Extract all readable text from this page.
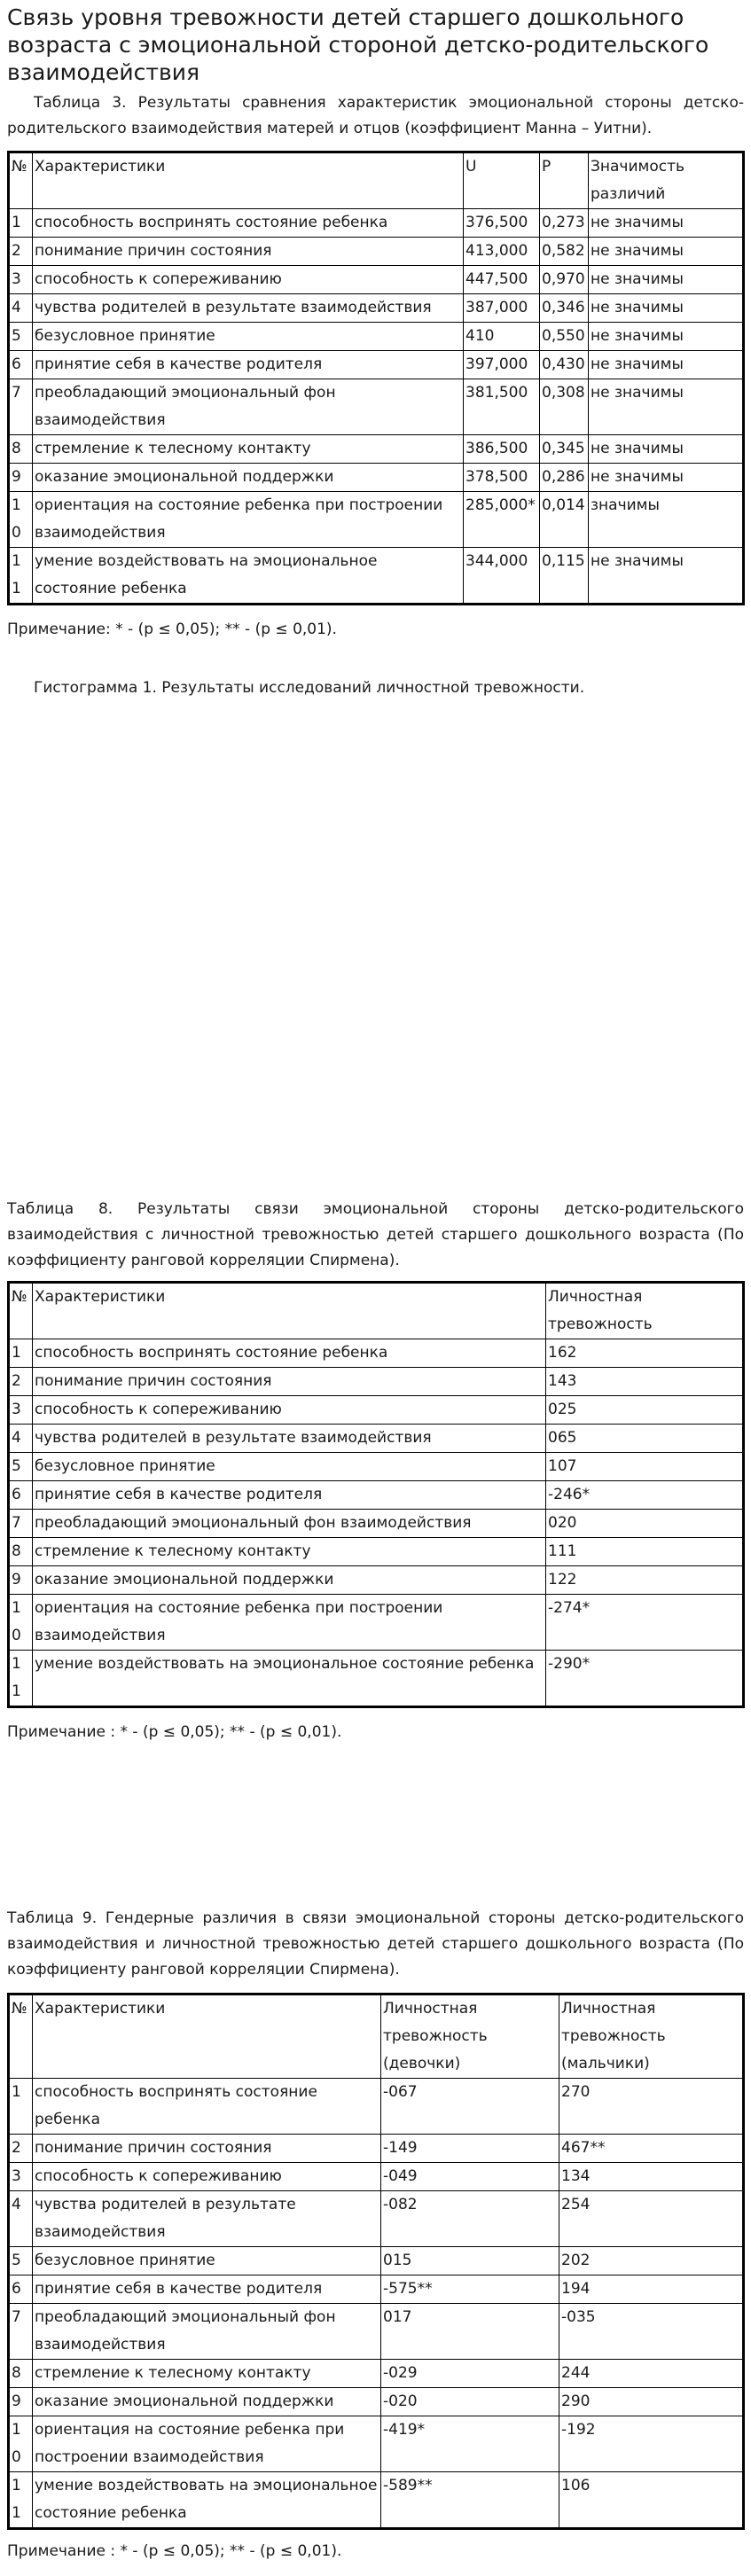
Связь уровня тревожности детей старшего дошкольного возраста с эмоциональной стороной детско-родительского взаимодействия

Таблица 3. Результаты сравнения характеристик эмоциональной стороны детско-родительского взаимодействия матерей и отцов (коэффициент Манна – Уитни).

№	Характеристики	U	P	Значимость различий
1	способность воспринять состояние ребенка	376,500	0,273	не значимы
2	понимание причин состояния	413,000	0,582	не значимы
3	способность к сопереживанию	447,500	0,970	не значимы
4	чувства родителей в результате взаимодействия	387,000	0,346	не значимы
5	безусловное принятие	410	0,550	не значимы
6	принятие себя в качестве родителя	397,000	0,430	не значимы
7	преобладающий эмоциональный фон взаимодействия	381,500	0,308	не значимы
8	стремление к телесному контакту	386,500	0,345	не значимы
9	оказание эмоциональной поддержки	378,500	0,286	не значимы
10	ориентация на состояние ребенка при построении взаимодействия	285,000*	0,014	значимы
11	умение воздействовать на эмоциональное состояние ребенка	344,000	0,115	не значимы

Примечание: * - (р ≤ 0,05); ** - (р ≤ 0,01).

Гистограмма 1. Результаты исследований личностной тревожности.

Таблица 8. Результаты связи эмоциональной стороны детско-родительского взаимодействия с личностной тревожностью детей старшего дошкольного возраста (По коэффициенту ранговой корреляции Спирмена).

№	Характеристики	Личностная тревожность
1	способность воспринять состояние ребенка	162
2	понимание причин состояния	143
3	способность к сопереживанию	025
4	чувства родителей в результате взаимодействия	065
5	безусловное принятие	107
6	принятие себя в качестве родителя	-246*
7	преобладающий эмоциональный фон взаимодействия	020
8	стремление к телесному контакту	111
9	оказание эмоциональной поддержки	122
10	ориентация на состояние ребенка при построении взаимодействия	-274*
11	умение воздействовать на эмоциональное состояние ребенка	-290*

Примечание : * - (р ≤ 0,05); ** - (р ≤ 0,01).

Таблица 9. Гендерные различия в связи эмоциональной стороны детско-родительского взаимодействия и личностной тревожностью детей старшего дошкольного возраста (По коэффициенту ранговой корреляции Спирмена).

№	Характеристики	Личностная тревожность (девочки)	Личностная тревожность (мальчики)
1	способность воспринять состояние ребенка	-067	270
2	понимание причин состояния	-149	467**
3	способность к сопереживанию	-049	134
4	чувства родителей в результате взаимодействия	-082	254
5	безусловное принятие	015	202
6	принятие себя в качестве родителя	-575**	194
7	преобладающий эмоциональный фон взаимодействия	017	-035
8	стремление к телесному контакту	-029	244
9	оказание эмоциональной поддержки	-020	290
10	ориентация на состояние ребенка при построении взаимодействия	-419*	-192
11	умение воздействовать на эмоциональное состояние ребенка	-589**	106

Примечание : * - (р ≤ 0,05); ** - (р ≤ 0,01).
